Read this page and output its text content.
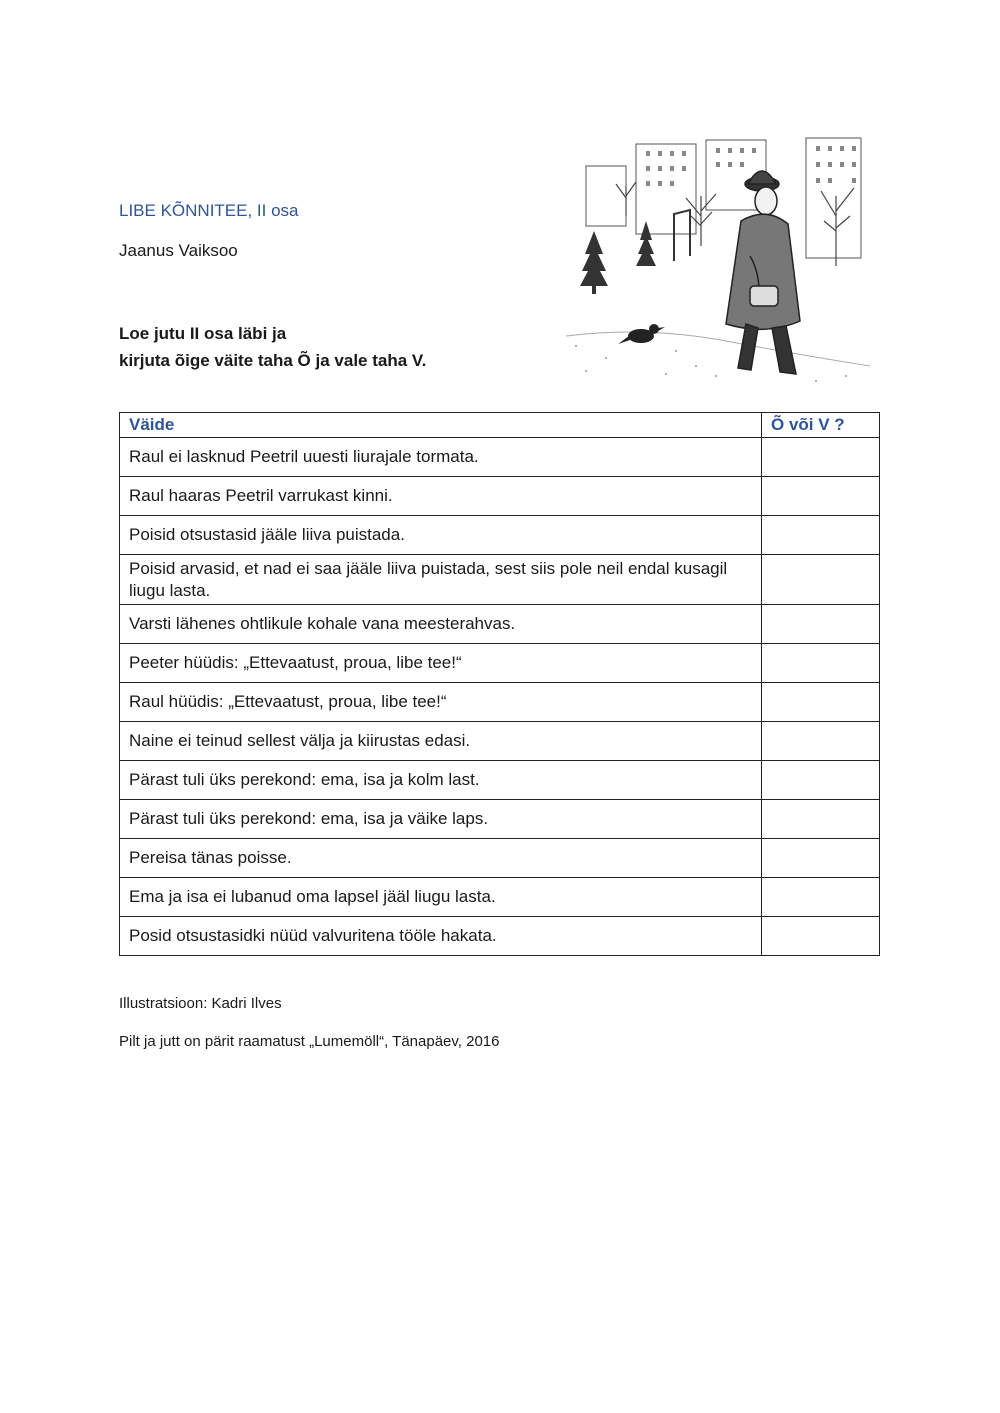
LIBE KÕNNITEE, II osa
Jaanus Vaiksoo
Loe jutu II osa läbi ja
kirjuta õige väite taha Õ ja vale taha V.
Väide	Õ või V ?
Raul ei lasknud Peetril uuesti liurajale tormata.	
Raul haaras Peetril varrukast kinni.	
Poisid otsustasid jääle liiva puistada.	
Poisid arvasid, et nad ei saa jääle liiva puistada, sest siis pole neil endal kusagil liugu lasta.	
Varsti lähenes ohtlikule kohale vana meesterahvas.	
Peeter hüüdis: „Ettevaatust, proua, libe tee!“	
Raul hüüdis: „Ettevaatust, proua, libe tee!“	
Naine ei teinud sellest välja ja kiirustas edasi.	
Pärast tuli üks perekond: ema, isa ja kolm last.	
Pärast tuli üks perekond: ema, isa ja väike laps.	
Pereisa tänas poisse.	
Ema ja isa ei lubanud oma lapsel jääl liugu lasta.	
Posid otsustasidki nüüd valvuritena tööle hakata.	
Illustratsioon: Kadri Ilves
Pilt ja jutt on pärit raamatust „Lumemöll“, Tänapäev, 2016
